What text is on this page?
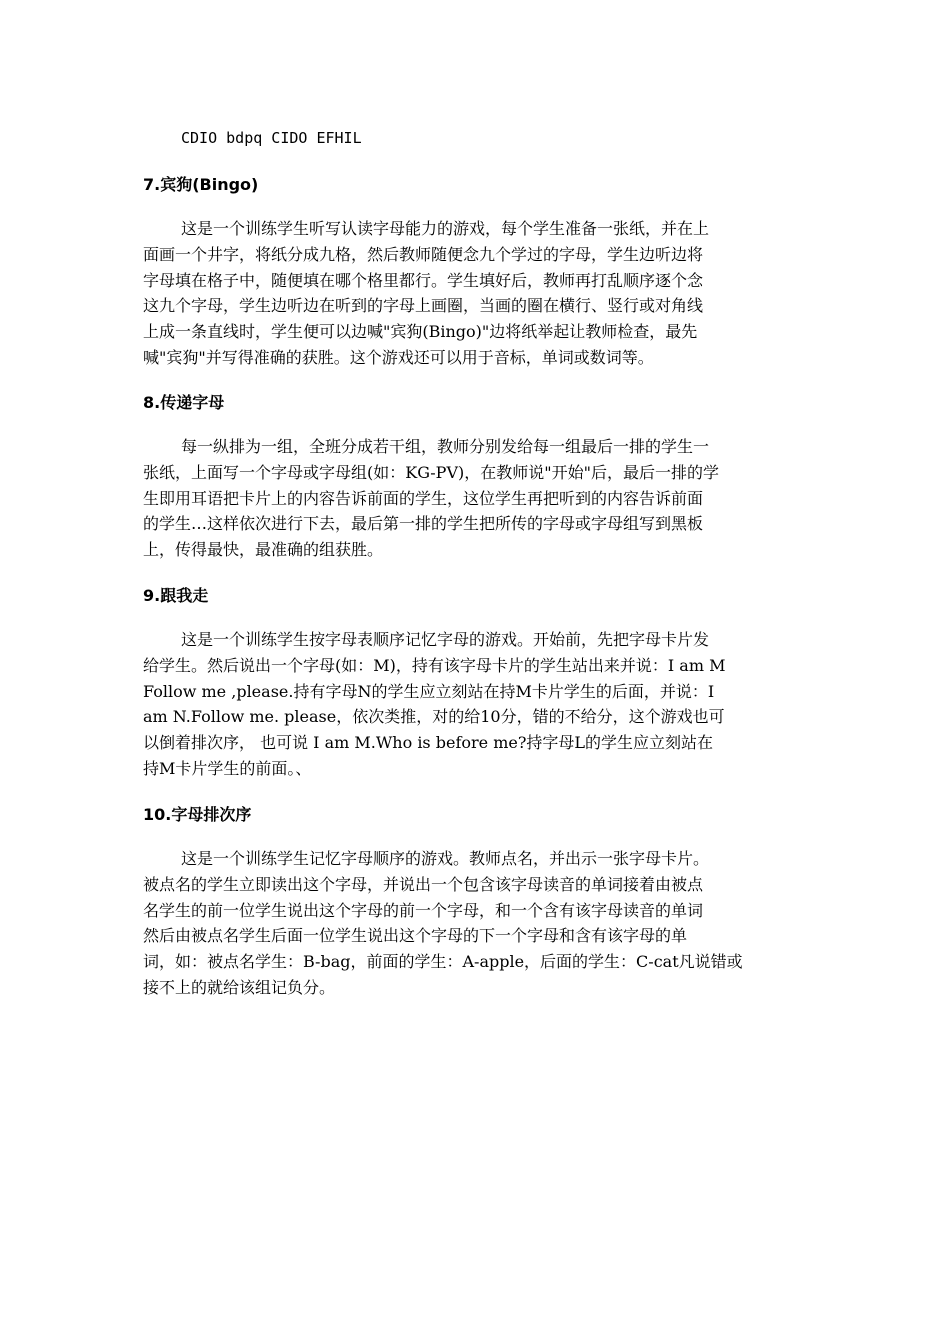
CDIO bdpq CIDO EFHIL
7.宾狗(Bingo)
这是一个训练学生听写认读字母能力的游戏，每个学生准备一张纸，并在上
面画一个井字，将纸分成九格，然后教师随便念九个学过的字母，学生边听边将
字母填在格子中，随便填在哪个格里都行。学生填好后，教师再打乱顺序逐个念
这九个字母，学生边听边在听到的字母上画圈，当画的圈在横行、竖行或对角线
上成一条直线时，学生便可以边喊"宾狗(Bingo)"边将纸举起让教师检查，最先
喊"宾狗"并写得准确的获胜。这个游戏还可以用于音标，单词或数词等。
8.传递字母
每一纵排为一组，全班分成若干组，教师分别发给每一组最后一排的学生一
张纸，上面写一个字母或字母组(如：KG-PV)，在教师说"开始"后，最后一排的学
生即用耳语把卡片上的内容告诉前面的学生，这位学生再把听到的内容告诉前面
的学生…这样依次进行下去，最后第一排的学生把所传的字母或字母组写到黑板
上，传得最快，最准确的组获胜。
9.跟我走
这是一个训练学生按字母表顺序记忆字母的游戏。开始前，先把字母卡片发
给学生。然后说出一个字母(如：M)，持有该字母卡片的学生站出来并说：I am M
Follow me ,please.持有字母N的学生应立刻站在持M卡片学生的后面，并说：I
am N.Follow me. please，依次类推，对的给10分，错的不给分，这个游戏也可
以倒着排次序， 也可说 I am M.Who is before me?持字母L的学生应立刻站在
持M卡片学生的前面。、
10.字母排次序
这是一个训练学生记忆字母顺序的游戏。教师点名，并出示一张字母卡片。
被点名的学生立即读出这个字母，并说出一个包含该字母读音的单词接着由被点
名学生的前一位学生说出这个字母的前一个字母，和一个含有该字母读音的单词
然后由被点名学生后面一位学生说出这个字母的下一个字母和含有该字母的单
词，如：被点名学生：B-bag，前面的学生：A-apple，后面的学生：C-cat凡说错或
接不上的就给该组记负分。
